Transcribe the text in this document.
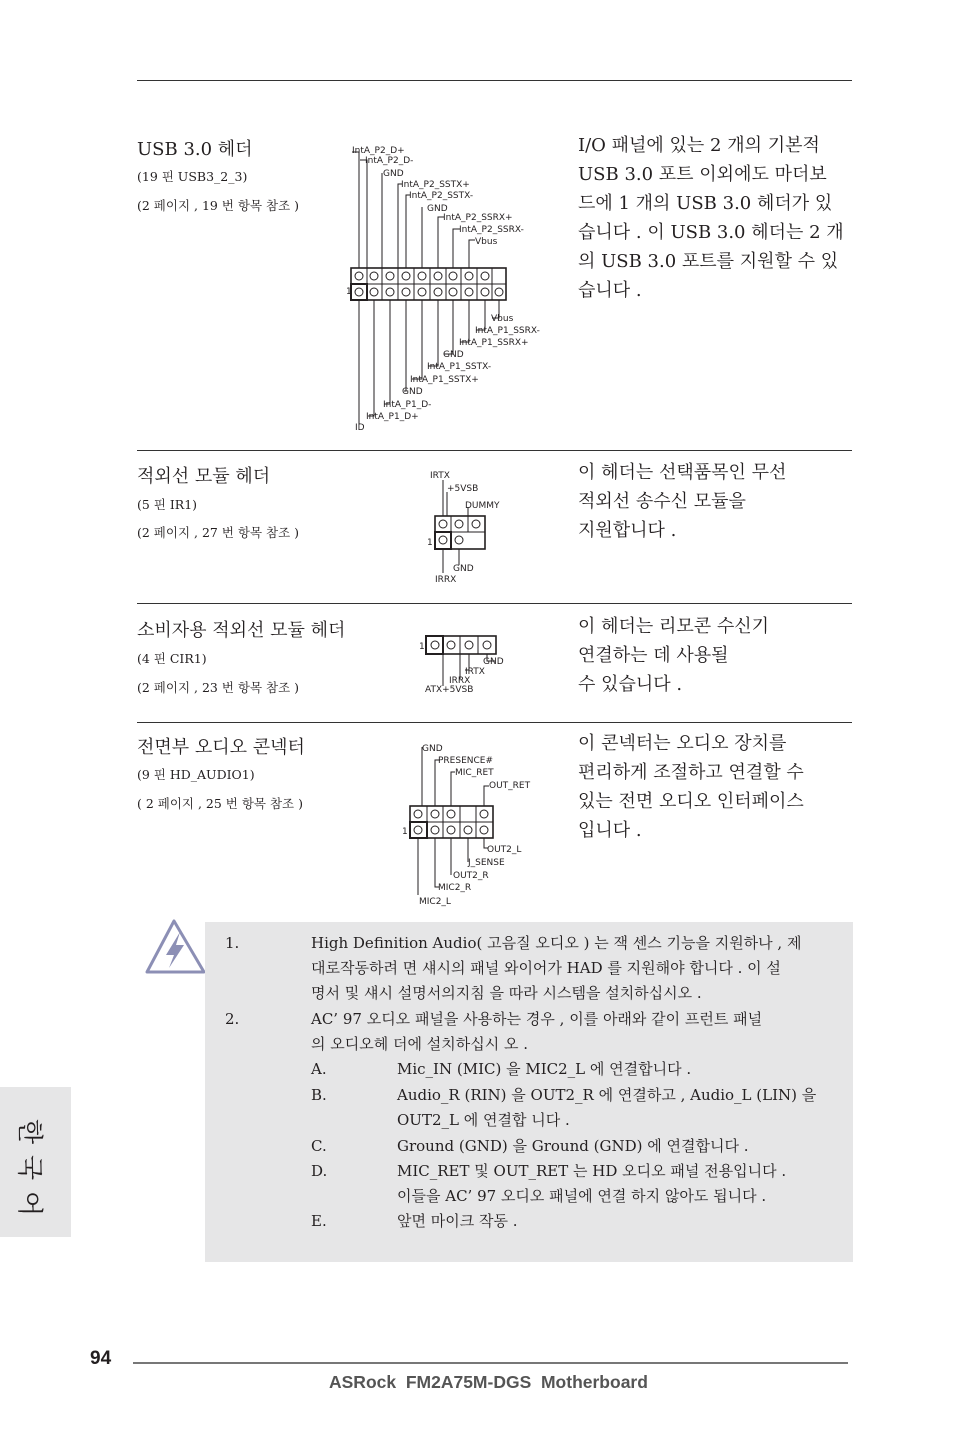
USB 3.0 헤더
(19 핀 USB3_2_3)
(2 페이지 , 19 번 항목 참조 )
I/O 패널에 있는 2 개의 기본적
USB 3.0 포트 이외에도 마더보
드에 1 개의 USB 3.0 헤더가 있
습니다 . 이 USB 3.0 헤더는 2 개
의 USB 3.0 포트를 지원할 수 있
습니다 .
1
IntA_P2_D+
IntA_P2_D-
GND
IntA_P2_SSTX+
IntA_P2_SSTX-
GND
IntA_P2_SSRX+
IntA_P2_SSRX-
Vbus
Vbus
IntA_P1_SSRX-
IntA_P1_SSRX+
GND
IntA_P1_SSTX-
IntA_P1_SSTX+
GND
IntA_P1_D-
IntA_P1_D+
ID
적외선 모듈 헤더
(5 핀 IR1)
(2 페이지 , 27 번 항목 참조 )
이 헤더는 선택품목인 무선
적외선 송수신 모듈을
지원합니다 .
IRTX
+5VSB
DUMMY
GND
IRRX
1
소비자용 적외선 모듈 헤더
(4 핀 CIR1)
(2 페이지 , 23 번 항목 참조 )
이 헤더는 리모콘 수신기
연결하는 데 사용될
수 있습니다 .
1
GND
IRTX
IRRX
ATX+5VSB
전면부 오디오 콘넥터
(9 핀 HD_AUDIO1)
( 2 페이지 , 25 번 항목 참조 )
이 콘넥터는 오디오 장치를
편리하게 조절하고 연결할 수
있는 전면 오디오 인터페이스
입니다 .
GND
PRESENCE#
MIC_RET
OUT_RET
OUT2_L
J_SENSE
OUT2_R
MIC2_R
MIC2_L
1
1.	High Definition Audio( 고음질 오디오 ) 는 잭 센스 기능을 지원하나 , 제
대로작동하려 면 섀시의 패널 와이어가 HAD 를 지원해야 합니다 . 이 설
명서 및 섀시 설명서의지침 을 따라 시스템을 설치하십시오 .
2.	AC’ 97 오디오 패널을 사용하는 경우 , 이를 아래와 같이 프런트 패널
의 오디오헤 더에 설치하십시 오 .
A.	Mic_IN (MIC) 을 MIC2_L 에 연결합니다 .
B.	Audio_R (RIN) 을 OUT2_R 에 연결하고 , Audio_L (LIN) 을
OUT2_L 에 연결합 니다 .
C.	Ground (GND) 을 Ground (GND) 에 연결합니다 .
D.	MIC_RET 및 OUT_RET 는 HD 오디오 패널 전용입니다 .
이들을 AC’ 97 오디오 패널에 연결 하지 않아도 됩니다 .
E.	앞면 마이크 작동 .
한
국
어
94
ASRock  FM2A75M-DGS  Motherboard
